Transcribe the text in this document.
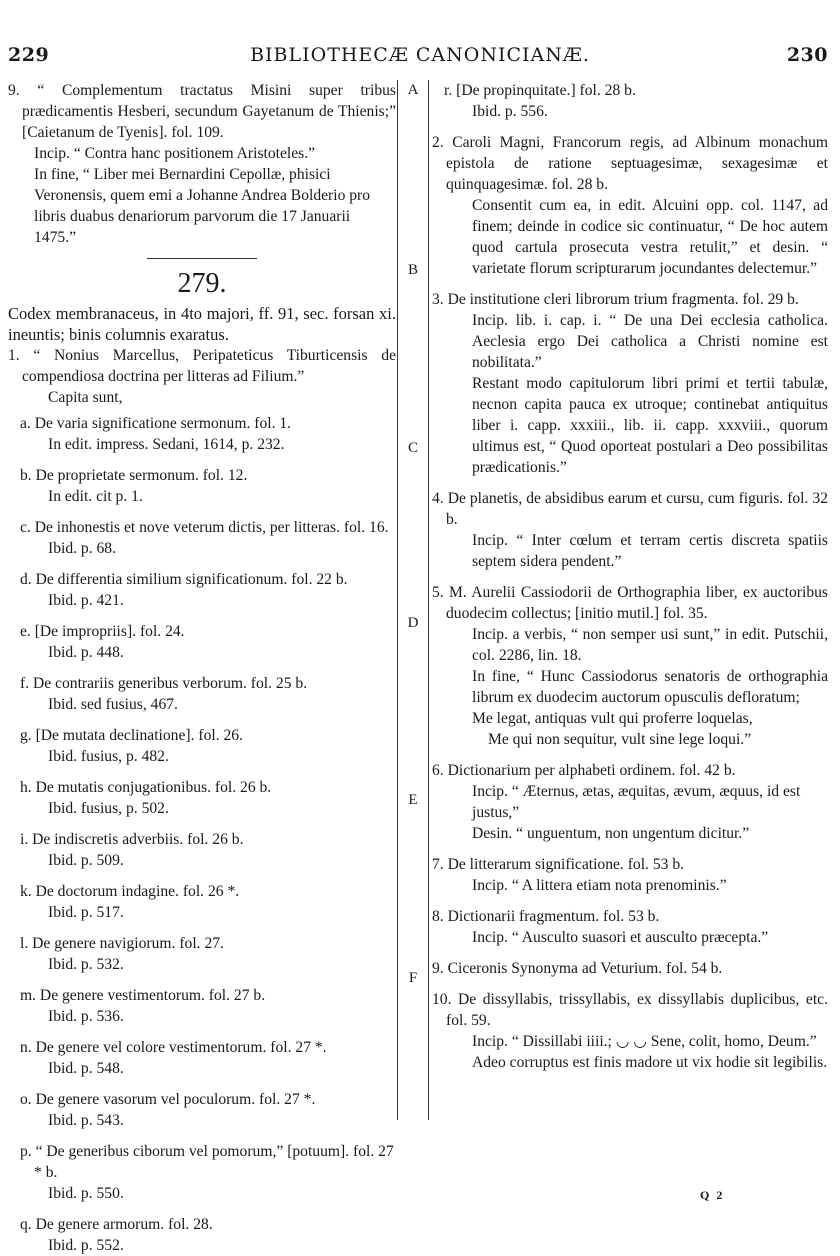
229	BIBLIOTHECÆ CANONICIANÆ.	230
A
B
C
D
E
F

9. “ Complementum tractatus Misini super tribus prædicamentis Hesberi, secundum Gayetanum de Thienis;” [Caietanum de Tyenis]. fol. 109.

Incip. “ Contra hanc positionem Aristoteles.”

In fine, “ Liber mei Bernardini Cepollæ, phisici Veronensis, quem emi a Johanne Andrea Bolderio pro libris duabus denariorum parvorum die 17 Januarii 1475.”

279.

Codex membranaceus, in 4to majori, ff. 91, sec. forsan xi. ineuntis; binis columnis exaratus.

1. “ Nonius Marcellus, Peripateticus Tiburticensis de compendiosa doctrina per litteras ad Filium.”

Capita sunt,

a. De varia significatione sermonum. fol. 1.

In edit. impress. Sedani, 1614, p. 232.

b. De proprietate sermonum. fol. 12.

In edit. cit p. 1.

c. De inhonestis et nove veterum dictis, per litteras. fol. 16.

Ibid. p. 68.

d. De differentia similium significationum. fol. 22 b.

Ibid. p. 421.

e. [De impropriis]. fol. 24.

Ibid. p. 448.

f. De contrariis generibus verborum. fol. 25 b.

Ibid. sed fusius, 467.

g. [De mutata declinatione]. fol. 26.

Ibid. fusius, p. 482.

h. De mutatis conjugationibus. fol. 26 b.

Ibid. fusius, p. 502.

i. De indiscretis adverbiis. fol. 26 b.

Ibid. p. 509.

k. De doctorum indagine. fol. 26 *.

Ibid. p. 517.

l. De genere navigiorum. fol. 27.

Ibid. p. 532.

m. De genere vestimentorum. fol. 27 b.

Ibid. p. 536.

n. De genere vel colore vestimentorum. fol. 27 *.

Ibid. p. 548.

o. De genere vasorum vel poculorum. fol. 27 *.

Ibid. p. 543.

p. “ De generibus ciborum vel pomorum,” [potuum]. fol. 27 * b.

Ibid. p. 550.

q. De genere armorum. fol. 28.

Ibid. p. 552.

r. [De propinquitate.] fol. 28 b.

Ibid. p. 556.

2. Caroli Magni, Francorum regis, ad Albinum monachum epistola de ratione septuagesimæ, sexagesimæ et quinquagesimæ. fol. 28 b.

Consentit cum ea, in edit. Alcuini opp. col. 1147, ad finem; deinde in codice sic continuatur, “ De hoc autem quod cartula prosecuta vestra retulit,” et desin. “ varietate florum scripturarum jocundantes delectemur.”

3. De institutione cleri librorum trium fragmenta. fol. 29 b.

Incip. lib. i. cap. i. “ De una Dei ecclesia catholica. Aeclesia ergo Dei catholica a Christi nomine est nobilitata.”

Restant modo capitulorum libri primi et tertii tabulæ, necnon capita pauca ex utroque; continebat antiquitus liber i. capp. xxxiii., lib. ii. capp. xxxviii., quorum ultimus est, “ Quod oporteat postulari a Deo possibilitas prædicationis.”

4. De planetis, de absidibus earum et cursu, cum figuris. fol. 32 b.

Incip. “ Inter cœlum et terram certis discreta spatiis septem sidera pendent.”

5. M. Aurelii Cassiodorii de Orthographia liber, ex auctoribus duodecim collectus; [initio mutil.] fol. 35.

Incip. a verbis, “ non semper usi sunt,” in edit. Putschii, col. 2286, lin. 18.

In fine, “ Hunc Cassiodorus senatoris de orthographia librum ex duodecim auctorum opusculis defloratum;

Me legat, antiquas vult qui proferre loquelas,

Me qui non sequitur, vult sine lege loqui.”

6. Dictionarium per alphabeti ordinem. fol. 42 b.

Incip. “ Æternus, ætas, æquitas, ævum, æquus, id est justus,”

Desin. “ unguentum, non ungentum dicitur.”

7. De litterarum significatione. fol. 53 b.

Incip. “ A littera etiam nota prenominis.”

8. Dictionarii fragmentum. fol. 53 b.

Incip. “ Ausculto suasori et ausculto præcepta.”

9. Ciceronis Synonyma ad Veturium. fol. 54 b.

10. De dissyllabis, trissyllabis, ex dissyllabis duplicibus, etc. fol. 59.

Incip. “ Dissillabi iiii.; ◡ ◡ Sene, colit, homo, Deum.”

Adeo corruptus est finis madore ut vix hodie sit legibilis.

Q 2
